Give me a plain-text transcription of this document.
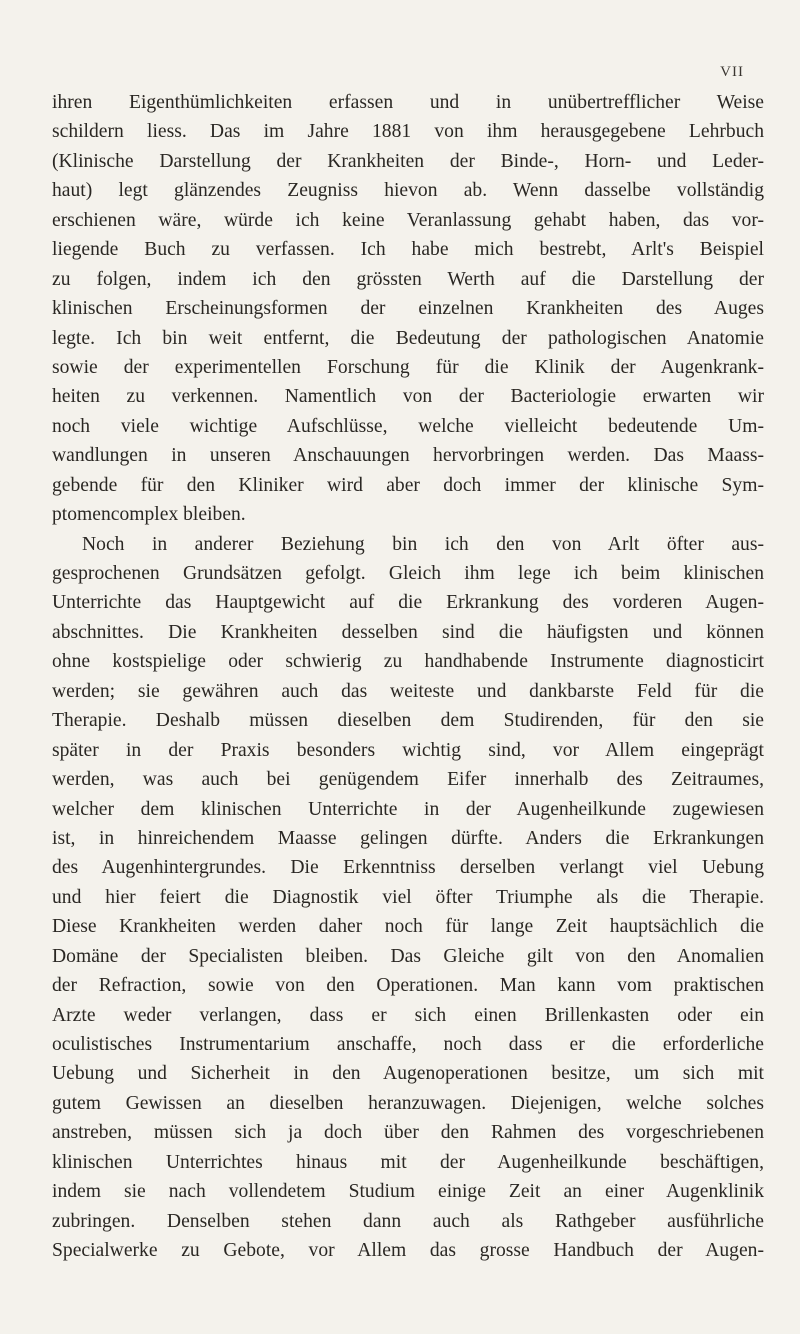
VII
ihren Eigenthümlichkeiten erfassen und in unübertrefflicher Weise
schildern liess. Das im Jahre 1881 von ihm herausgegebene Lehrbuch
(Klinische Darstellung der Krankheiten der Binde-, Horn- und Leder-
haut) legt glänzendes Zeugniss hievon ab. Wenn dasselbe vollständig
erschienen wäre, würde ich keine Veranlassung gehabt haben, das vor-
liegende Buch zu verfassen. Ich habe mich bestrebt, Arlt's Beispiel
zu folgen, indem ich den grössten Werth auf die Darstellung der
klinischen Erscheinungsformen der einzelnen Krankheiten des Auges
legte. Ich bin weit entfernt, die Bedeutung der pathologischen Anatomie
sowie der experimentellen Forschung für die Klinik der Augenkrank-
heiten zu verkennen. Namentlich von der Bacteriologie erwarten wir
noch viele wichtige Aufschlüsse, welche vielleicht bedeutende Um-
wandlungen in unseren Anschauungen hervorbringen werden. Das Maass-
gebende für den Kliniker wird aber doch immer der klinische Sym-
ptomencomplex bleiben.
Noch in anderer Beziehung bin ich den von Arlt öfter aus-
gesprochenen Grundsätzen gefolgt. Gleich ihm lege ich beim klinischen
Unterrichte das Hauptgewicht auf die Erkrankung des vorderen Augen-
abschnittes. Die Krankheiten desselben sind die häufigsten und können
ohne kostspielige oder schwierig zu handhabende Instrumente diagnosticirt
werden; sie gewähren auch das weiteste und dankbarste Feld für die
Therapie. Deshalb müssen dieselben dem Studirenden, für den sie
später in der Praxis besonders wichtig sind, vor Allem eingeprägt
werden, was auch bei genügendem Eifer innerhalb des Zeitraumes,
welcher dem klinischen Unterrichte in der Augenheilkunde zugewiesen
ist, in hinreichendem Maasse gelingen dürfte. Anders die Erkrankungen
des Augenhintergrundes. Die Erkenntniss derselben verlangt viel Uebung
und hier feiert die Diagnostik viel öfter Triumphe als die Therapie.
Diese Krankheiten werden daher noch für lange Zeit hauptsächlich die
Domäne der Specialisten bleiben. Das Gleiche gilt von den Anomalien
der Refraction, sowie von den Operationen. Man kann vom praktischen
Arzte weder verlangen, dass er sich einen Brillenkasten oder ein
oculistisches Instrumentarium anschaffe, noch dass er die erforderliche
Uebung und Sicherheit in den Augenoperationen besitze, um sich mit
gutem Gewissen an dieselben heranzuwagen. Diejenigen, welche solches
anstreben, müssen sich ja doch über den Rahmen des vorgeschriebenen
klinischen Unterrichtes hinaus mit der Augenheilkunde beschäftigen,
indem sie nach vollendetem Studium einige Zeit an einer Augenklinik
zubringen. Denselben stehen dann auch als Rathgeber ausführliche
Specialwerke zu Gebote, vor Allem das grosse Handbuch der Augen-
